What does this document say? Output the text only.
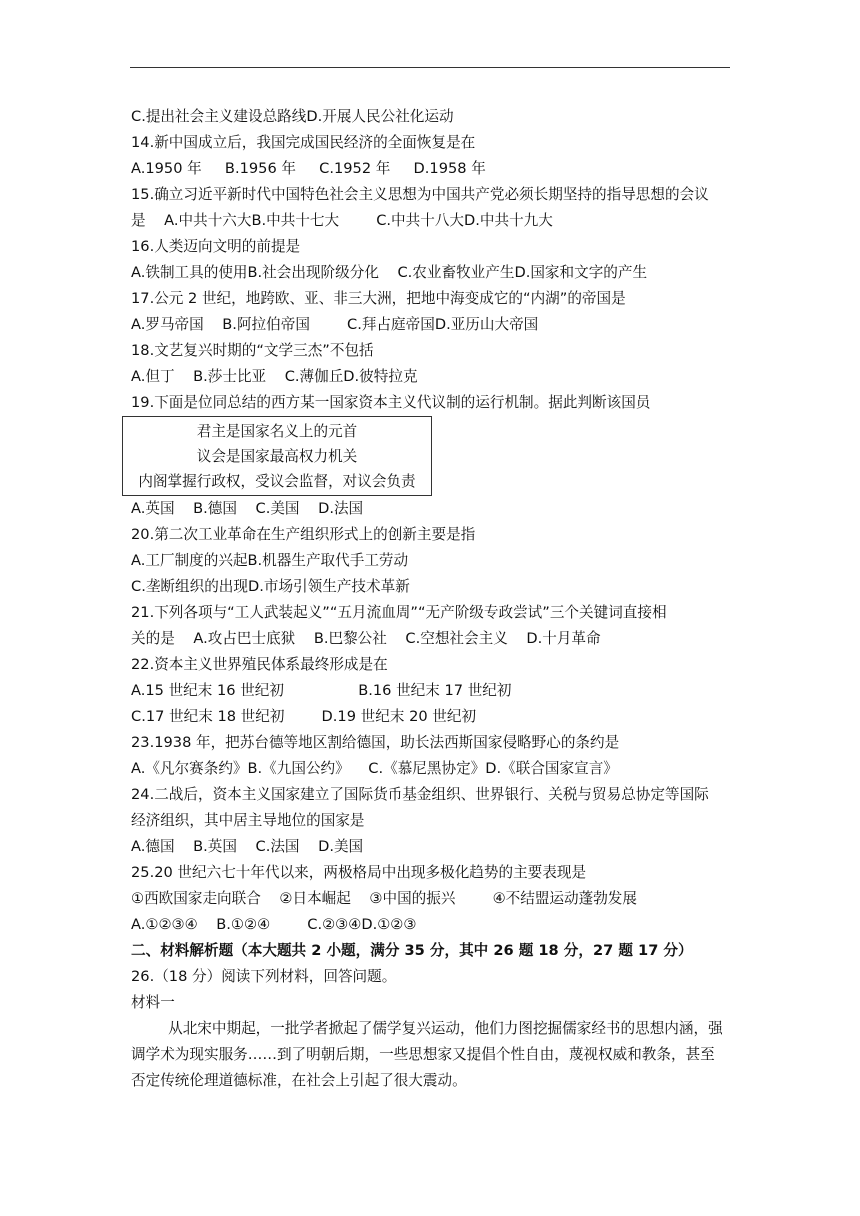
C.提出社会主义建设总路线D.开展人民公社化运动
14.新中国成立后，我国完成国民经济的全面恢复是在
A.1950 年     B.1956 年     C.1952 年     D.1958 年
15.确立习近平新时代中国特色社会主义思想为中国共产党必须长期坚持的指导思想的会议
是    A.中共十六大B.中共十七大        C.中共十八大D.中共十九大
16.人类迈向文明的前提是
A.铁制工具的使用B.社会出现阶级分化    C.农业畜牧业产生D.国家和文字的产生
17.公元 2 世纪，地跨欧、亚、非三大洲，把地中海变成它的“内湖”的帝国是
A.罗马帝国    B.阿拉伯帝国        C.拜占庭帝国D.亚历山大帝国
18.文艺复兴时期的“文学三杰”不包括
A.但丁    B.莎士比亚    C.薄伽丘D.彼特拉克
19.下面是位同总结的西方某一国家资本主义代议制的运行机制。据此判断该国员
君主是国家名义上的元首
议会是国家最高权力机关
内阁掌握行政权，受议会监督，对议会负责
A.英国    B.德国    C.美国    D.法国
20.第二次工业革命在生产组织形式上的创新主要是指
A.工厂制度的兴起B.机器生产取代手工劳动
C.垄断组织的出现D.市场引领生产技术革新
21.下列各项与“工人武装起义”“五月流血周”“无产阶级专政尝试”三个关键词直接相
关的是    A.攻占巴士底狱    B.巴黎公社    C.空想社会主义    D.十月革命
22.资本主义世界殖民体系最终形成是在
A.15 世纪末 16 世纪初                B.16 世纪末 17 世纪初
C.17 世纪末 18 世纪初        D.19 世纪末 20 世纪初
23.1938 年，把苏台德等地区割给德国，助长法西斯国家侵略野心的条约是
A.《凡尔赛条约》B.《九国公约》    C.《慕尼黑协定》D.《联合国家宣言》
24.二战后，资本主义国家建立了国际货币基金组织、世界银行、关税与贸易总协定等国际
经济组织，其中居主导地位的国家是
A.德国    B.英国    C.法国    D.美国
25.20 世纪六七十年代以来，两极格局中出现多极化趋势的主要表现是
①西欧国家走向联合    ②日本崛起    ③中国的振兴        ④不结盟运动蓬勃发展
A.①②③④    B.①②④        C.②③④D.①②③
二、材料解析题（本大题共 2 小题，满分 35 分，其中 26 题 18 分，27 题 17 分）
26.（18 分）阅读下列材料，回答问题。
材料一
从北宋中期起，一批学者掀起了儒学复兴运动，他们力图挖掘儒家经书的思想内涵，强
调学术为现实服务……到了明朝后期，一些思想家又提倡个性自由，蔑视权威和教条，甚至
否定传统伦理道德标准，在社会上引起了很大震动。
